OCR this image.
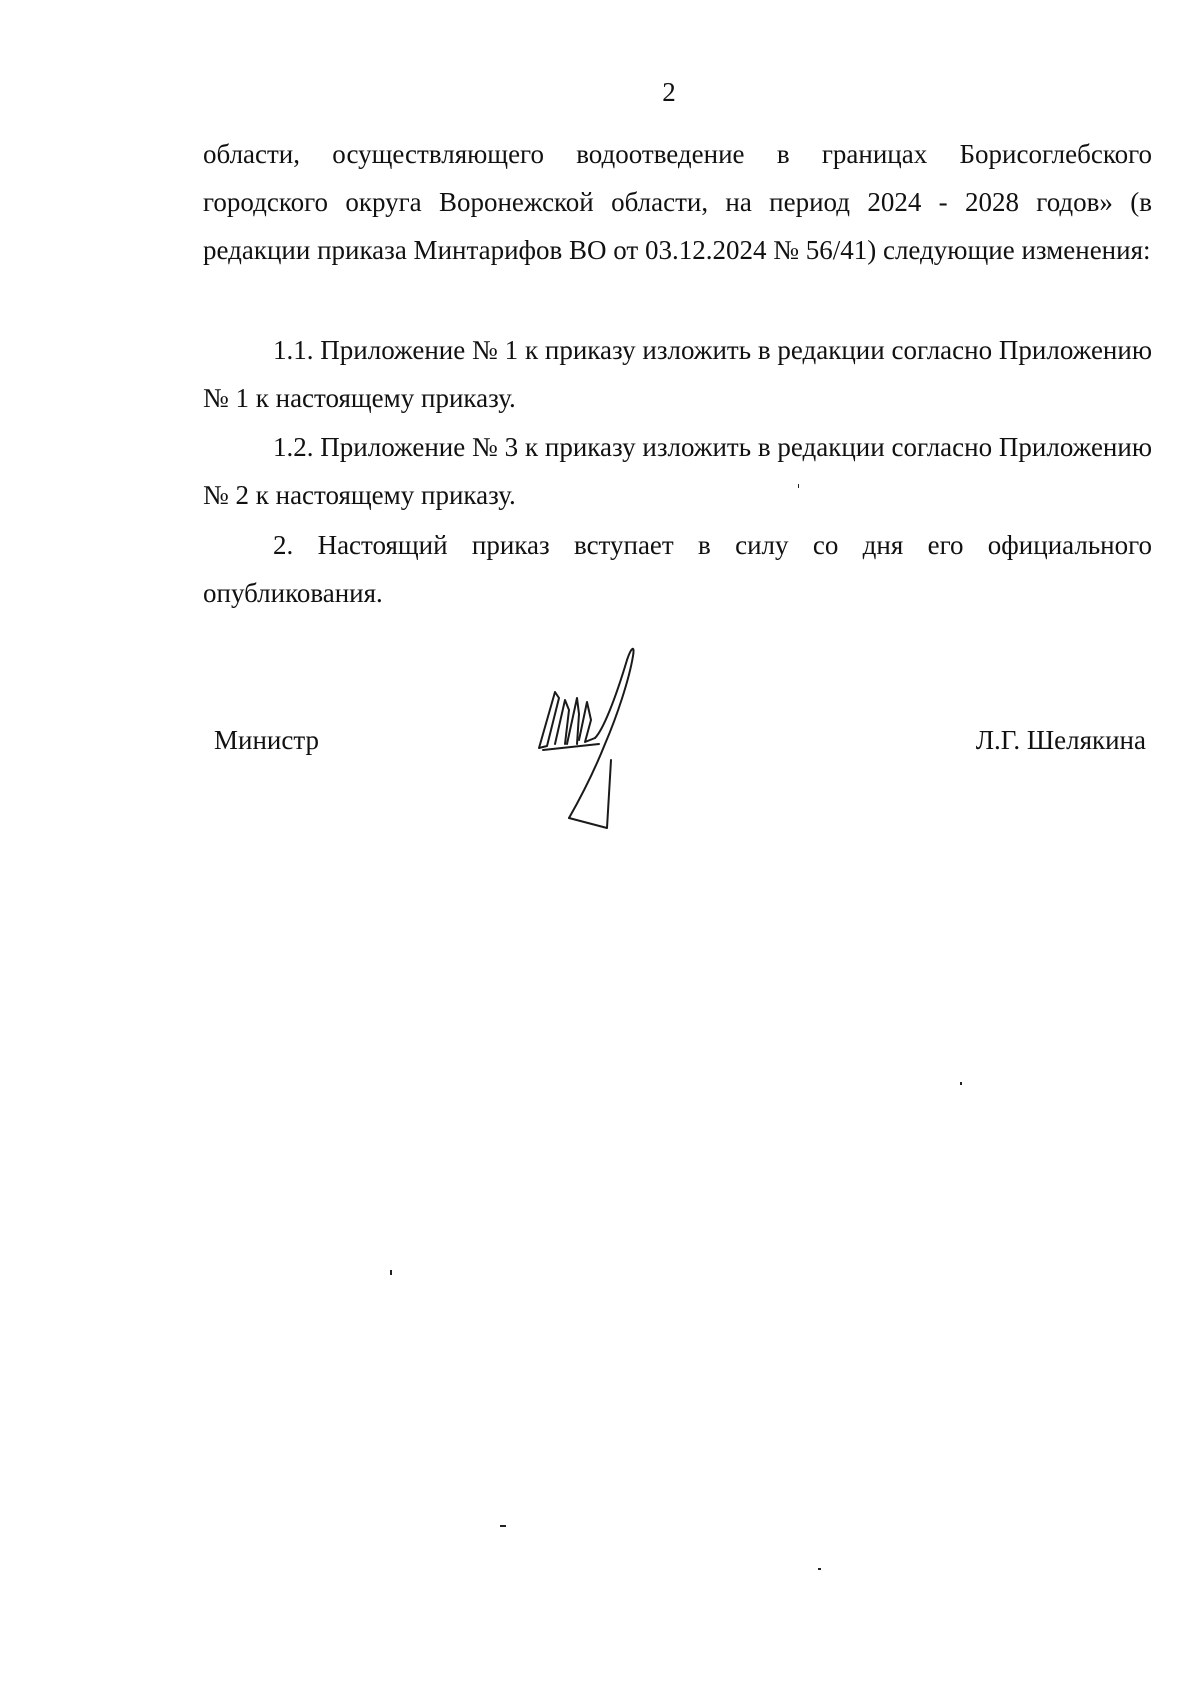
2

области, осуществляющего водоотведение в границах Борисоглебского городского округа Воронежской области, на период 2024 - 2028 годов» (в редакции приказа Минтарифов ВО от 03.12.2024 № 56/41) следующие изменения:

1.1. Приложение № 1 к приказу изложить в редакции согласно Приложению № 1 к настоящему приказу.

1.2. Приложение № 3 к приказу изложить в редакции согласно Приложению № 2 к настоящему приказу.

2. Настоящий приказ вступает в силу со дня его официального опубликования.

Министр	Л.Г. Шелякина
